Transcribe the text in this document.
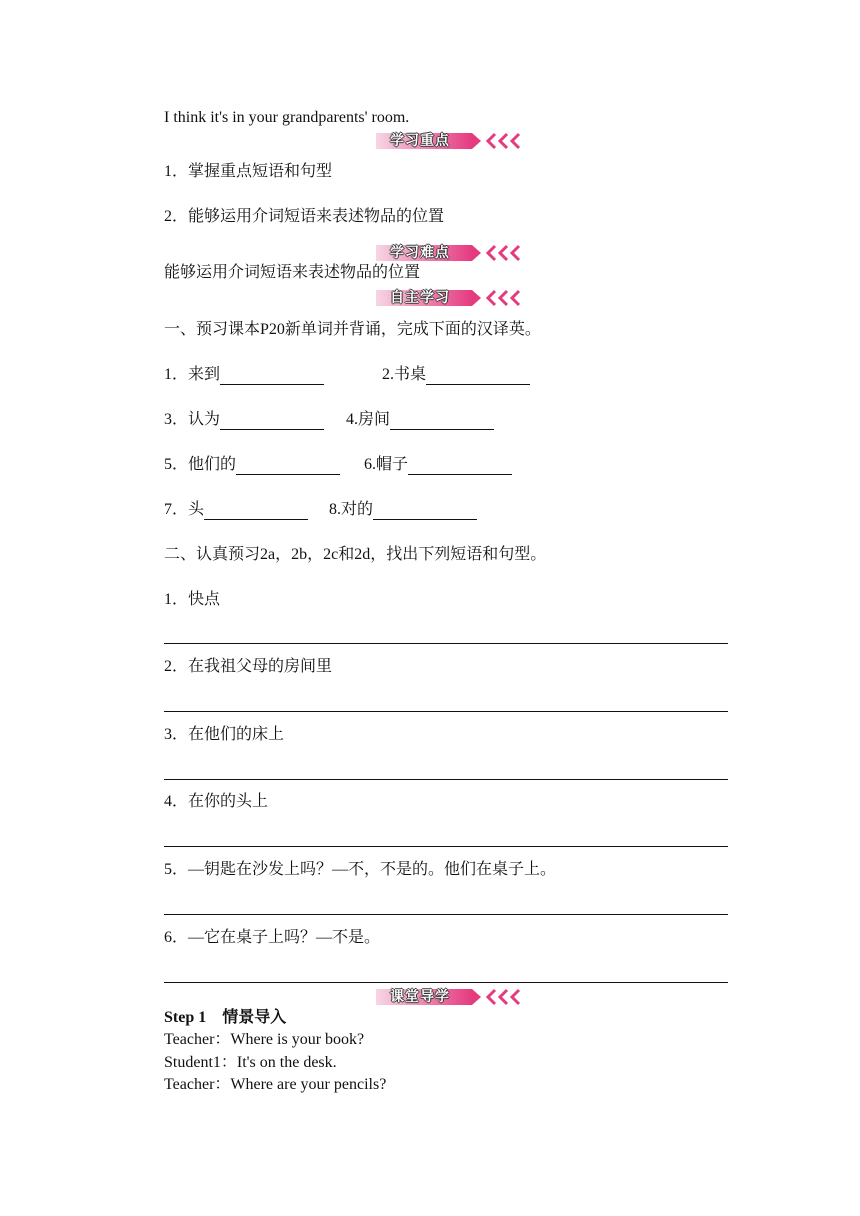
I think it's in your grandparents' room.
学习重点
1．掌握重点短语和句型
2．能够运用介词短语来表述物品的位置
学习难点
能够运用介词短语来表述物品的位置
自主学习
一、预习课本P20新单词并背诵，完成下面的汉译英。
1．来到	2.书桌
3．认为	4.房间
5．他们的	6.帽子
7．头	8.对的
二、认真预习2a，2b，2c和2d，找出下列短语和句型。
1．快点
2．在我祖父母的房间里
3．在他们的床上
4．在你的头上
5．—钥匙在沙发上吗？—不，不是的。他们在桌子上。
6．—它在桌子上吗？—不是。
课堂导学
Step 1　情景导入
Teacher：Where is your book?
Student1：It's on the desk.
Teacher：Where are your pencils?
